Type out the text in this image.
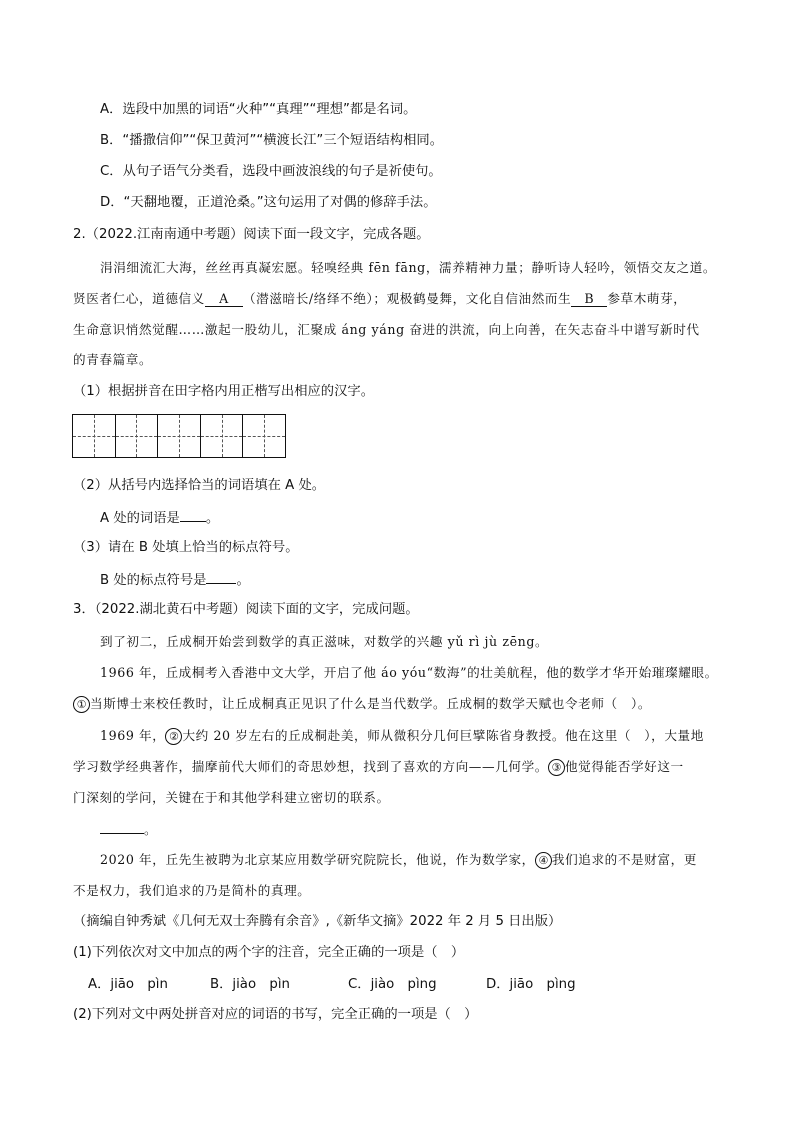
A．选段中加黑的词语“火种”“真理”“理想”都是名词。
B．“播撒信仰”“保卫黄河”“横渡长江”三个短语结构相同。
C．从句子语气分类看，选段中画波浪线的句子是祈使句。
D．“天翻地覆，正道沧桑。”这句运用了对偶的修辞手法。
2.（2022.江南南通中考题）阅读下面一段文字，完成各题。
涓涓细流汇大海，丝丝再真凝宏愿。轻嗅经典 fēn fāng，濡养精神力量；静听诗人轻吟，领悟交友之道。
贤医者仁心，道德信义 A （潜滋暗长/络绎不绝）；观极鹤曼舞，文化自信油然而生 B 参草木萌芽，
生命意识悄然觉醒……激起一股幼儿，汇聚成 áng yáng 奋进的洪流，向上向善，在矢志奋斗中谱写新时代
的青春篇章。
（1）根据拼音在田字格内用正楷写出相应的汉字。
（2）从括号内选择恰当的词语填在 A 处。
A 处的词语是 。
（3）请在 B 处填上恰当的标点符号。
B 处的标点符号是 。
3．（2022.湖北黄石中考题）阅读下面的文字，完成问题。
到了初二，丘成桐开始尝到数学的真正滋味，对数学的兴趣 yǔ rì jù zēng。
1966 年，丘成桐考入香港中文大学，开启了他 áo yóu“数海”的壮美航程，他的数学才华开始璀璨耀眼。
① 当斯博士来校任教时，让丘成桐真正见识了什么是当代数学。丘成桐的数学天赋也令老师（　）。
1969 年， ② 大约 20 岁左右的丘成桐赴美，师从微积分几何巨擘陈省身教授。他在这里（　），大量地
学习数学经典著作，揣摩前代大师们的奇思妙想，找到了喜欢的方向——几何学。 ③ 他觉得能否学好这一
门深刻的学问，关键在于和其他学科建立密切的联系。
。
2020 年，丘先生被聘为北京某应用数学研究院院长，他说，作为数学家， ④ 我们追求的不是财富，更
不是权力，我们追求的乃是简朴的真理。
（摘编自钟秀斌《几何无双士奔腾有余音》,《新华文摘》2022 年 2 月 5 日出版）
(1)下列依次对文中加点的两个字的注音，完全正确的一项是（　）
A．jiāo　pìn	B．jiào　pìn	C．jiào　pìng	D．jiāo　pìng
(2)下列对文中两处拼音对应的词语的书写，完全正确的一项是（　）
